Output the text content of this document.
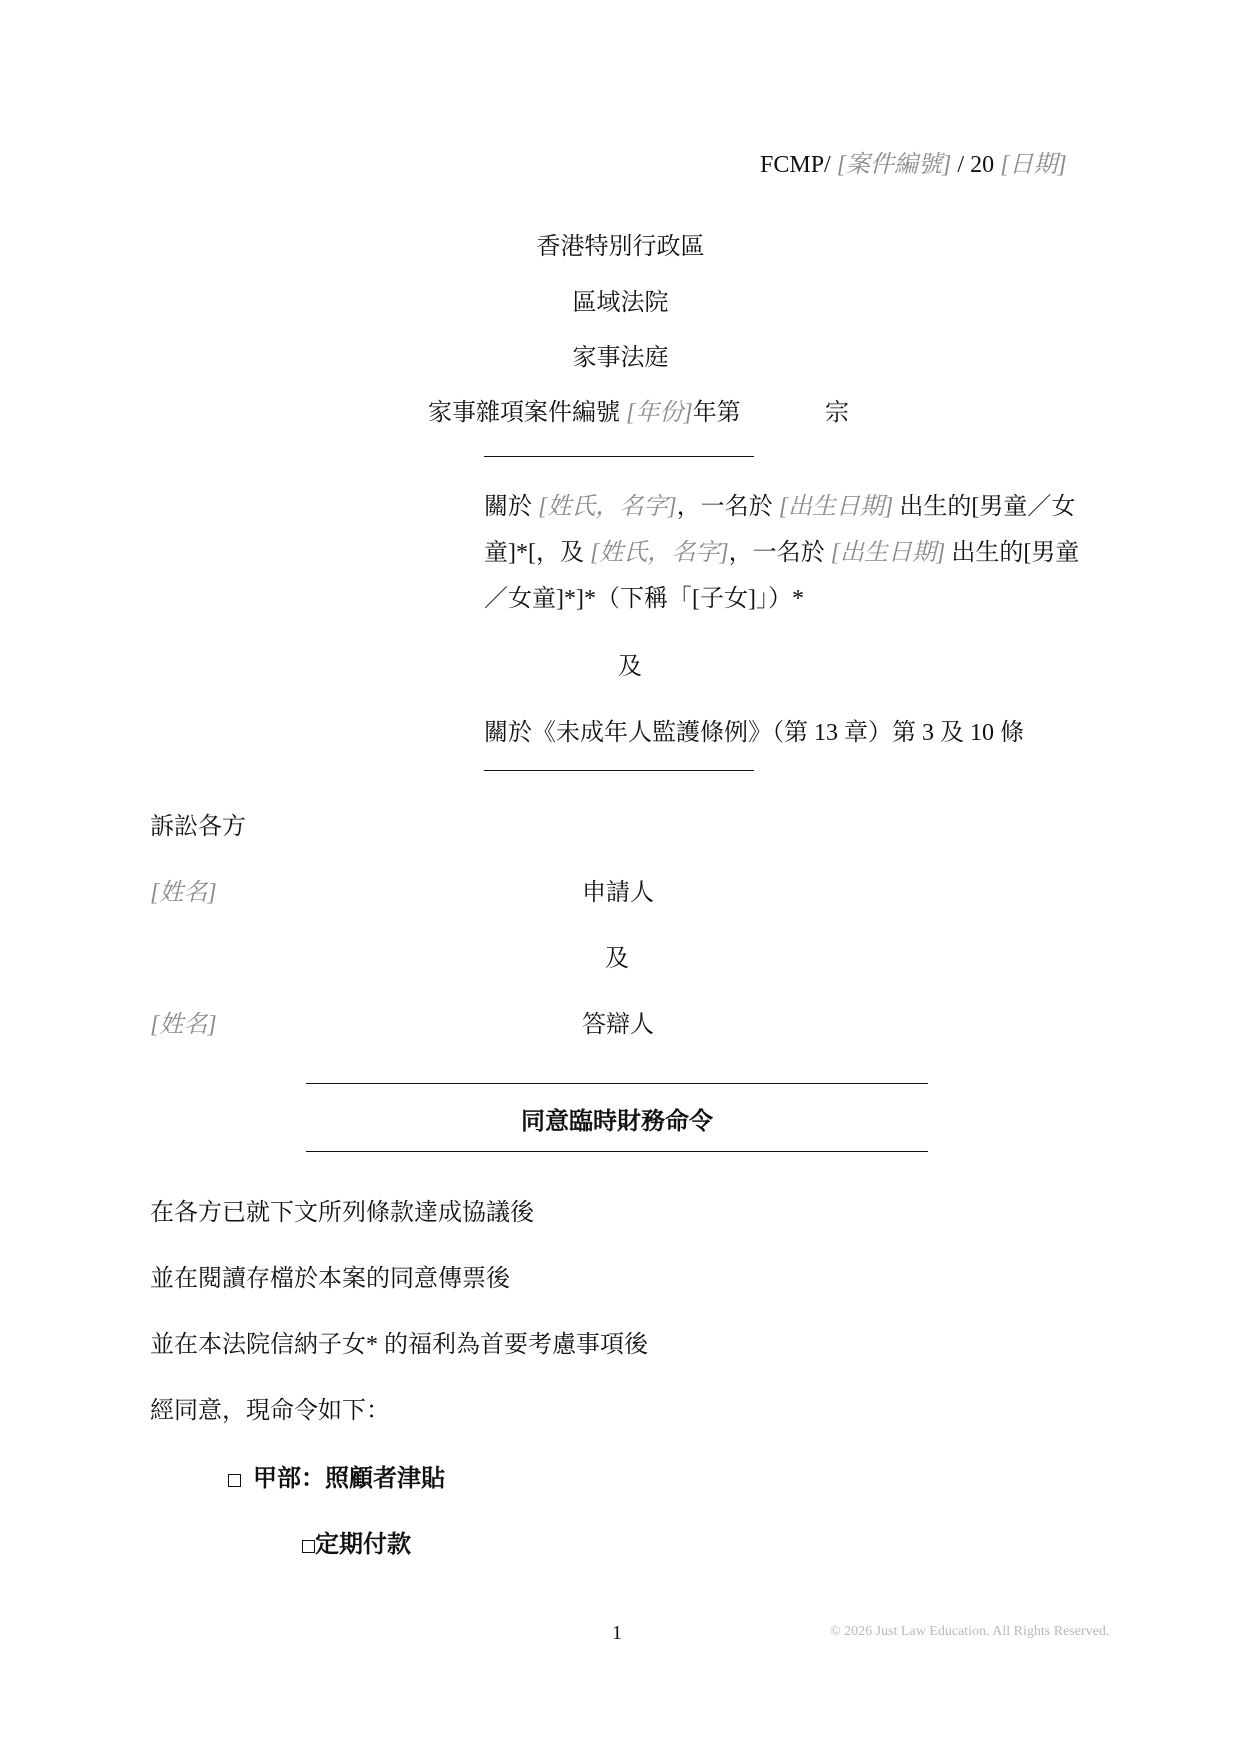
FCMP/ [案件編號] / 20 [日期]
香港特別行政區
區域法院
家事法庭
家事雜項案件編號 [年份]年第	宗
關於 [姓氏，名字]，一名於 [出生日期] 出生的[男童／女童]*[，及 [姓氏，名字]，一名於 [出生日期] 出生的[男童／女童]*]*（下稱「[子女]」）*
及
關於《未成年人監護條例》（第 13 章）第 3 及 10 條
訴訟各方
[姓名]	申請人
及
[姓名]	答辯人
同意臨時財務命令
在各方已就下文所列條款達成協議後
並在閱讀存檔於本案的同意傳票後
並在本法院信納子女* 的福利為首要考慮事項後
經同意，現命令如下：
甲部：照顧者津貼
定期付款
1	© 2026 Just Law Education. All Rights Reserved.
